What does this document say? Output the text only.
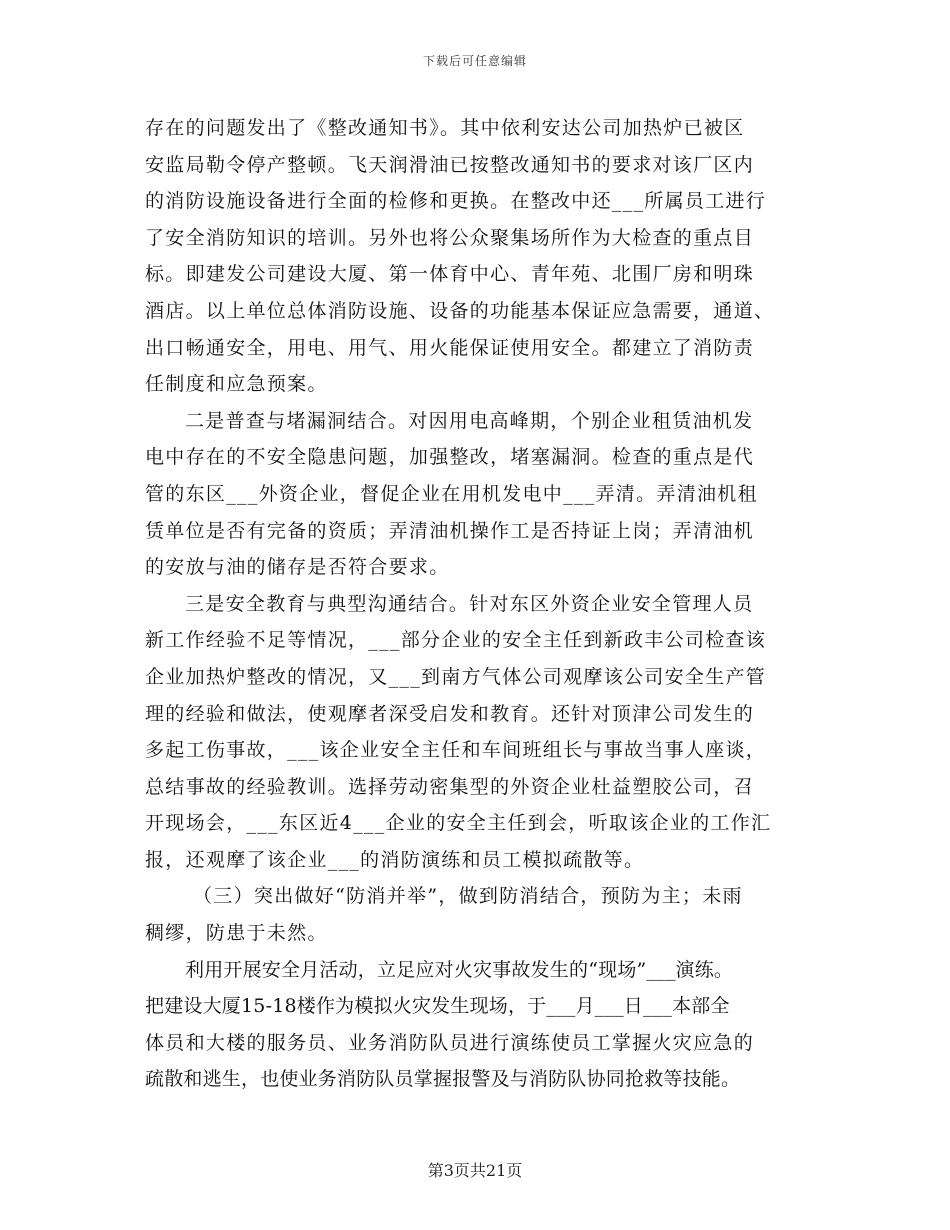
下载后可任意编辑
存在的问题发出了《整改通知书》。其中依利安达公司加热炉已被区
安监局勒令停产整顿。飞天润滑油已按整改通知书的要求对该厂区内
的消防设施设备进行全面的检修和更换。在整改中还___所属员工进行
了安全消防知识的培训。另外也将公众聚集场所作为大检查的重点目
标。即建发公司建设大厦、第一体育中心、青年苑、北围厂房和明珠
酒店。以上单位总体消防设施、设备的功能基本保证应急需要，通道、
出口畅通安全，用电、用气、用火能保证使用安全。都建立了消防责
任制度和应急预案。
二是普查与堵漏洞结合。对因用电高峰期，个别企业租赁油机发
电中存在的不安全隐患问题，加强整改，堵塞漏洞。检查的重点是代
管的东区___外资企业，督促企业在用机发电中___弄清。弄清油机租
赁单位是否有完备的资质；弄清油机操作工是否持证上岗；弄清油机
的安放与油的储存是否符合要求。
三是安全教育与典型沟通结合。针对东区外资企业安全管理人员
新工作经验不足等情况，___部分企业的安全主任到新政丰公司检查该
企业加热炉整改的情况，又___到南方气体公司观摩该公司安全生产管
理的经验和做法，使观摩者深受启发和教育。还针对顶津公司发生的
多起工伤事故，___该企业安全主任和车间班组长与事故当事人座谈，
总结事故的经验教训。选择劳动密集型的外资企业杜益塑胶公司，召
开现场会，___东区近4___企业的安全主任到会，听取该企业的工作汇
报，还观摩了该企业___的消防演练和员工模拟疏散等。
（三）突出做好“防消并举”，做到防消结合，预防为主；未雨
稠缪，防患于未然。
利用开展安全月活动，立足应对火灾事故发生的“现场”___演练。
把建设大厦15-18楼作为模拟火灾发生现场，于___月___日___本部全
体员和大楼的服务员、业务消防队员进行演练使员工掌握火灾应急的
疏散和逃生，也使业务消防队员掌握报警及与消防队协同抢救等技能。
第3页共21页
